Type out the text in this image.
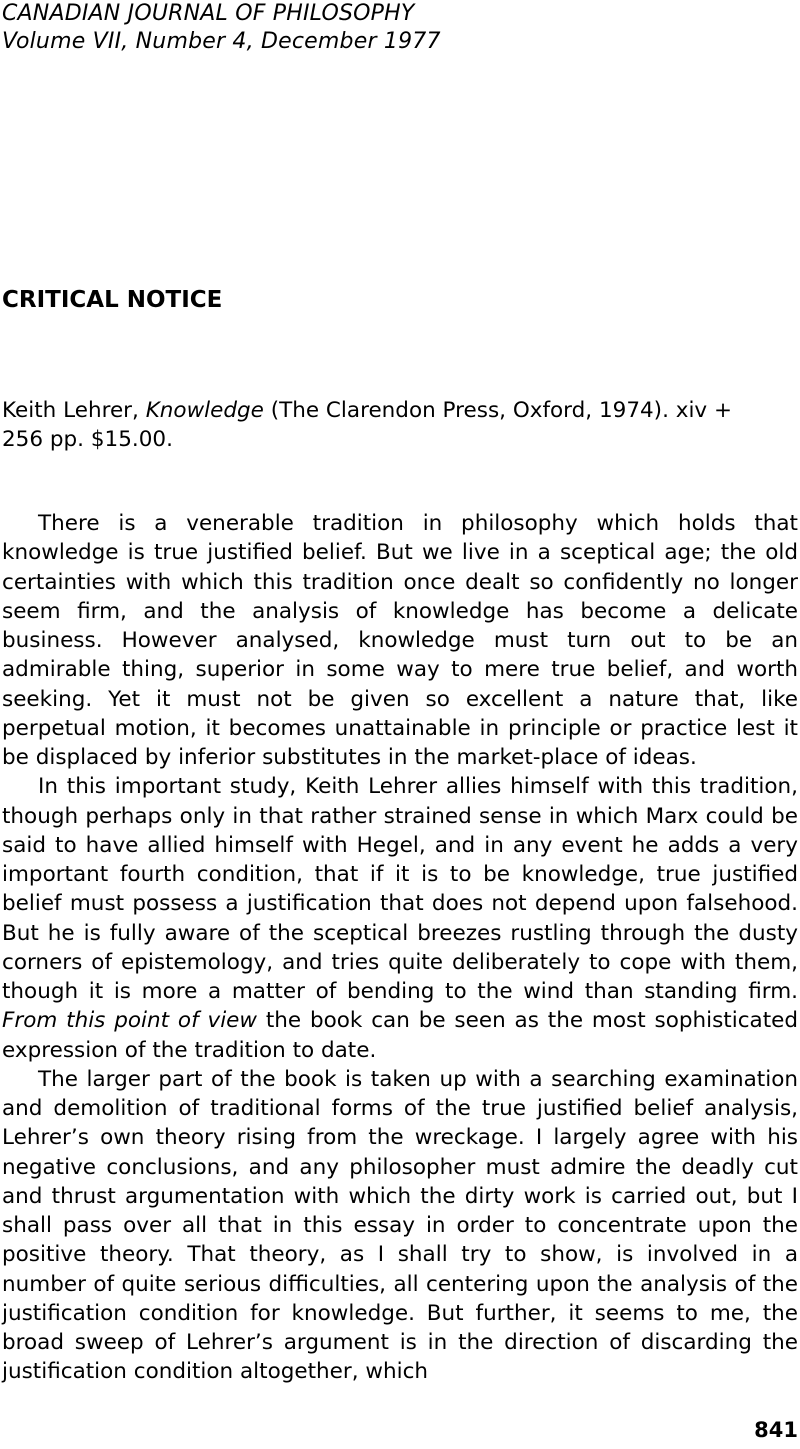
CANADIAN JOURNAL OF PHILOSOPHY
Volume VII, Number 4, December 1977
CRITICAL NOTICE
Keith Lehrer, Knowledge (The Clarendon Press, Oxford, 1974). xiv +
256 pp. $15.00.

There is a venerable tradition in philosophy which holds that knowledge is true justified belief. But we live in a sceptical age; the old certainties with which this tradition once dealt so confidently no longer seem firm, and the analysis of knowledge has become a delicate business. However analysed, knowledge must turn out to be an admirable thing, superior in some way to mere true belief, and worth seeking. Yet it must not be given so excellent a nature that, like perpetual motion, it becomes unattainable in principle or practice lest it be displaced by inferior substitutes in the market-place of ideas.

In this important study, Keith Lehrer allies himself with this tradition, though perhaps only in that rather strained sense in which Marx could be said to have allied himself with Hegel, and in any event he adds a very important fourth condition, that if it is to be knowledge, true justified belief must possess a justification that does not depend upon falsehood. But he is fully aware of the sceptical breezes rustling through the dusty corners of epistemology, and tries quite deliberately to cope with them, though it is more a matter of bending to the wind than standing firm. From this point of view the book can be seen as the most sophisticated expression of the tradition to date.

The larger part of the book is taken up with a searching examination and demolition of traditional forms of the true justified belief analysis, Lehrer’s own theory rising from the wreckage. I largely agree with his negative conclusions, and any philosopher must admire the deadly cut and thrust argumentation with which the dirty work is carried out, but I shall pass over all that in this essay in order to concentrate upon the positive theory. That theory, as I shall try to show, is involved in a number of quite serious difficulties, all centering upon the analysis of the justification condition for knowledge. But further, it seems to me, the broad sweep of Lehrer’s argument is in the direction of discarding the justification condition altogether, which

841
